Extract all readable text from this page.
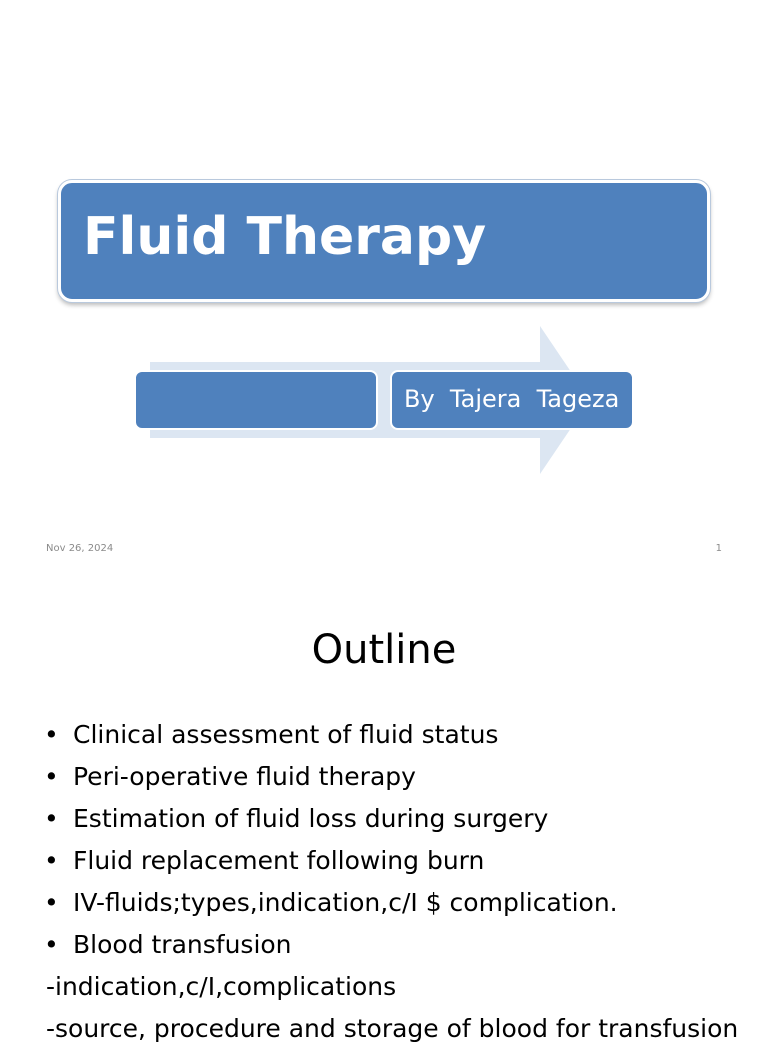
Fluid Therapy
By  Tajera  Tageza
Nov 26, 2024	1
Outline
• Clinical assessment of fluid status
• Peri-operative fluid therapy
• Estimation of fluid loss during surgery
• Fluid replacement following burn
• IV-fluids;types,indication,c/I $ complication.
• Blood transfusion
-indication,c/I,complications
-source, procedure and storage of blood for transfusion
